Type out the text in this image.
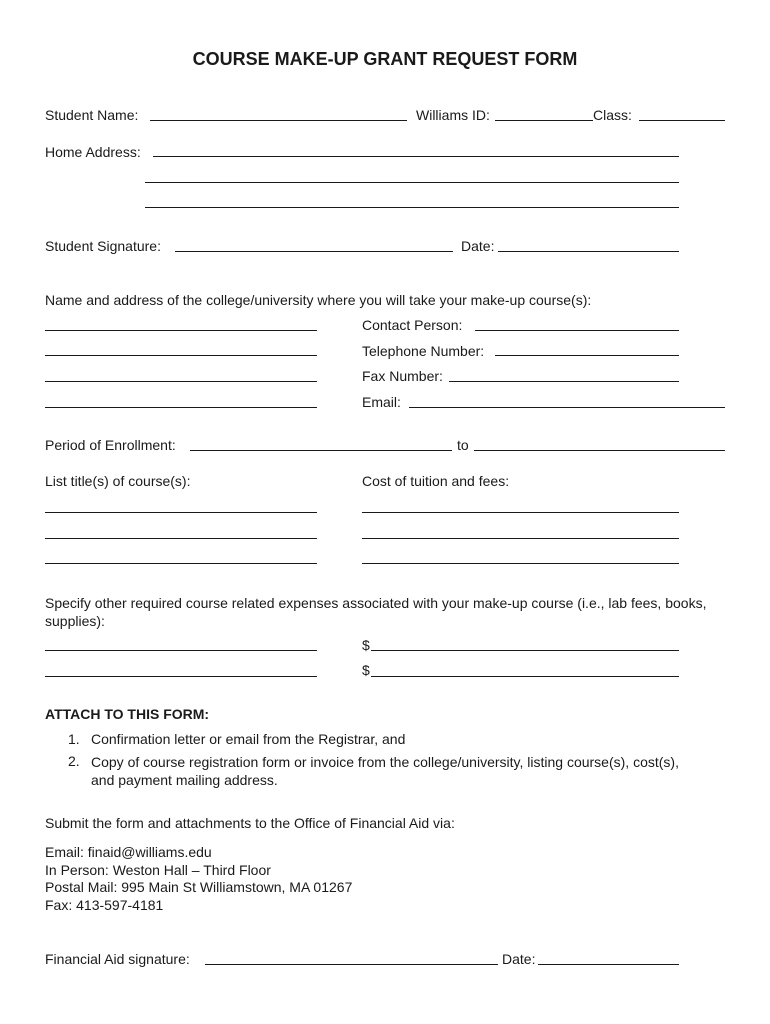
COURSE MAKE-UP GRANT REQUEST FORM
Student Name:	Williams ID:	Class:
Home Address:
Student Signature:	Date:
Name and address of the college/university where you will take your make-up course(s):
Contact Person:
Telephone Number:
Fax Number:
Email:
Period of Enrollment:	to
List title(s) of course(s):	Cost of tuition and fees:
Specify other required course related expenses associated with your make-up course (i.e., lab fees, books, supplies):
$
$
ATTACH TO THIS FORM:
1. Confirmation letter or email from the Registrar, and
2. Copy of course registration form or invoice from the college/university, listing course(s), cost(s), and payment mailing address.
Submit the form and attachments to the Office of Financial Aid via:
Email: finaid@williams.edu
In Person: Weston Hall – Third Floor
Postal Mail: 995 Main St Williamstown, MA 01267
Fax: 413-597-4181
Financial Aid signature:	Date:
